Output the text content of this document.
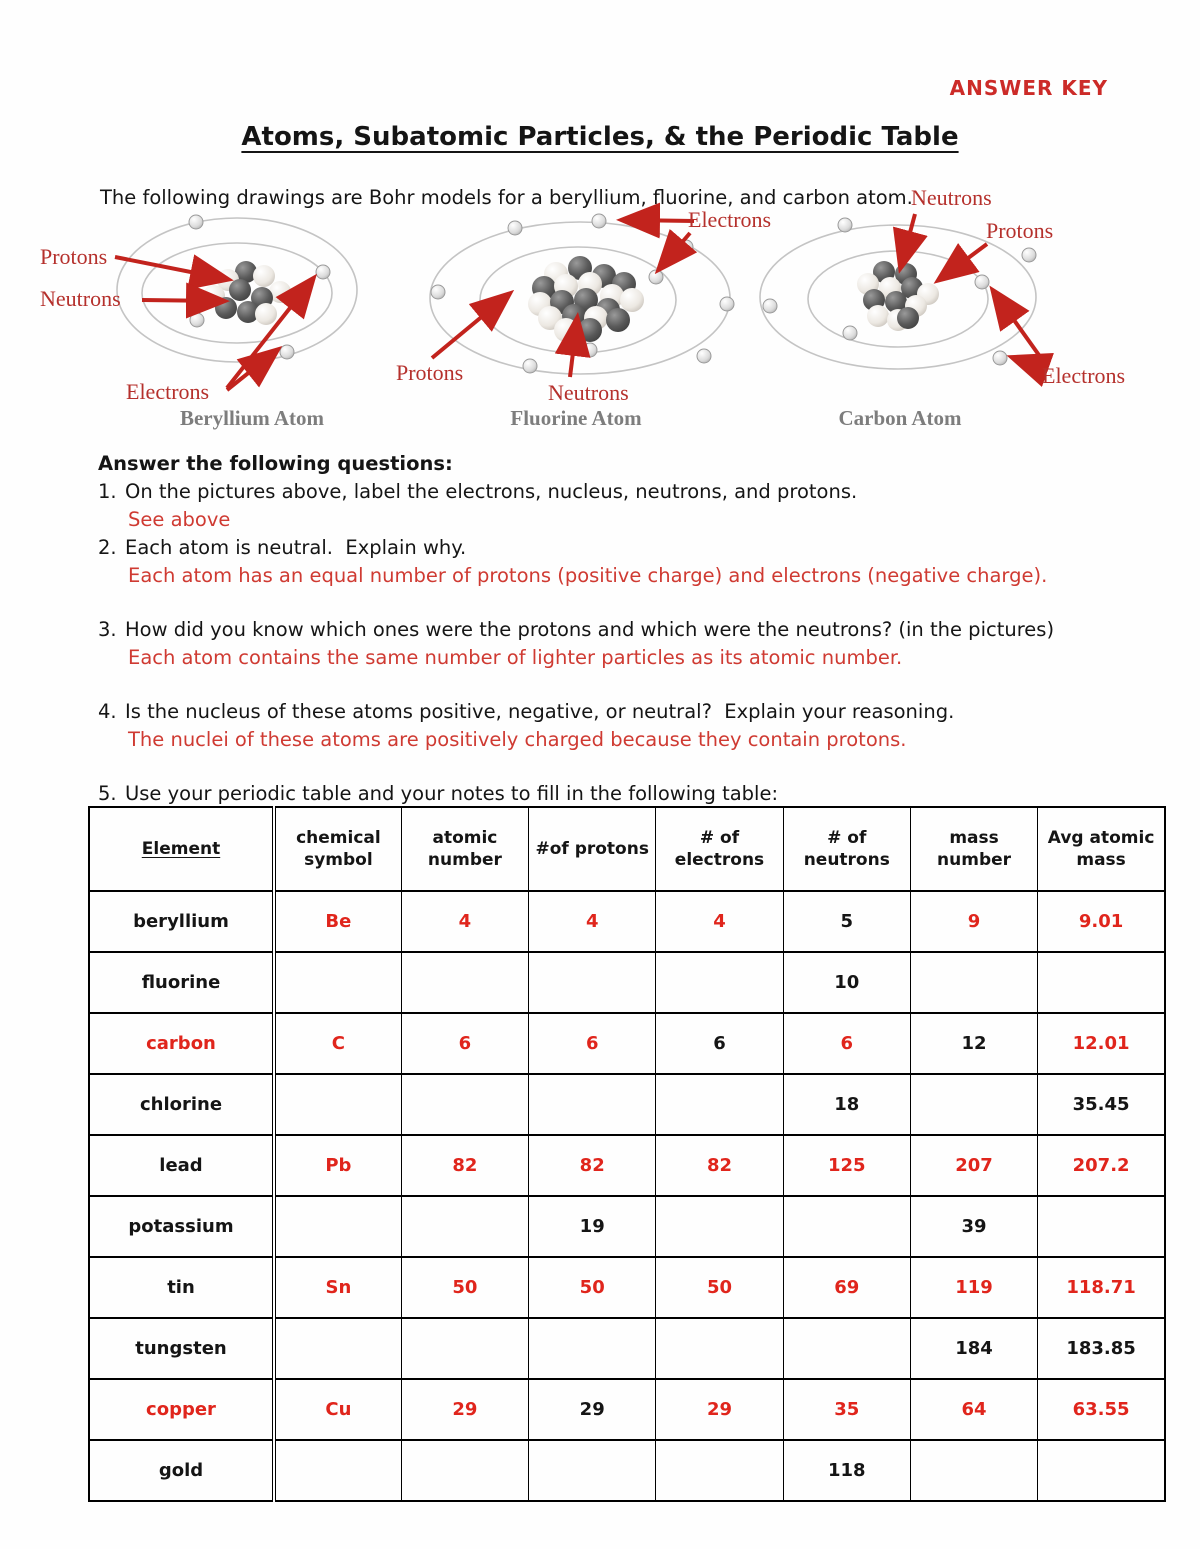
ANSWER KEY
Atoms, Subatomic Particles, & the Periodic Table
The following drawings are Bohr models for a beryllium, fluorine, and carbon atom.
Protons
Neutrons
Electrons
Electrons
Protons
Neutrons
Neutrons
Protons
Electrons
Beryllium Atom	Fluorine Atom	Carbon Atom
Answer the following questions:
1. On the pictures above, label the electrons, nucleus, neutrons, and protons.
See above
2. Each atom is neutral.  Explain why.
Each atom has an equal number of protons (positive charge) and electrons (negative charge).
3. How did you know which ones were the protons and which were the neutrons? (in the pictures)
Each atom contains the same number of lighter particles as its atomic number.
4. Is the nucleus of these atoms positive, negative, or neutral?  Explain your reasoning.
The nuclei of these atoms are positively charged because they contain protons.
5. Use your periodic table and your notes to fill in the following table:
Element	chemical symbol	atomic number	#of protons	# of electrons	# of neutrons	mass number	Avg atomic mass
beryllium	Be	4	4	4	5	9	9.01
fluorine					10		
carbon	C	6	6	6	6	12	12.01
chlorine					18		35.45
lead	Pb	82	82	82	125	207	207.2
potassium			19			39	
tin	Sn	50	50	50	69	119	118.71
tungsten						184	183.85
copper	Cu	29	29	29	35	64	63.55
gold					118		
